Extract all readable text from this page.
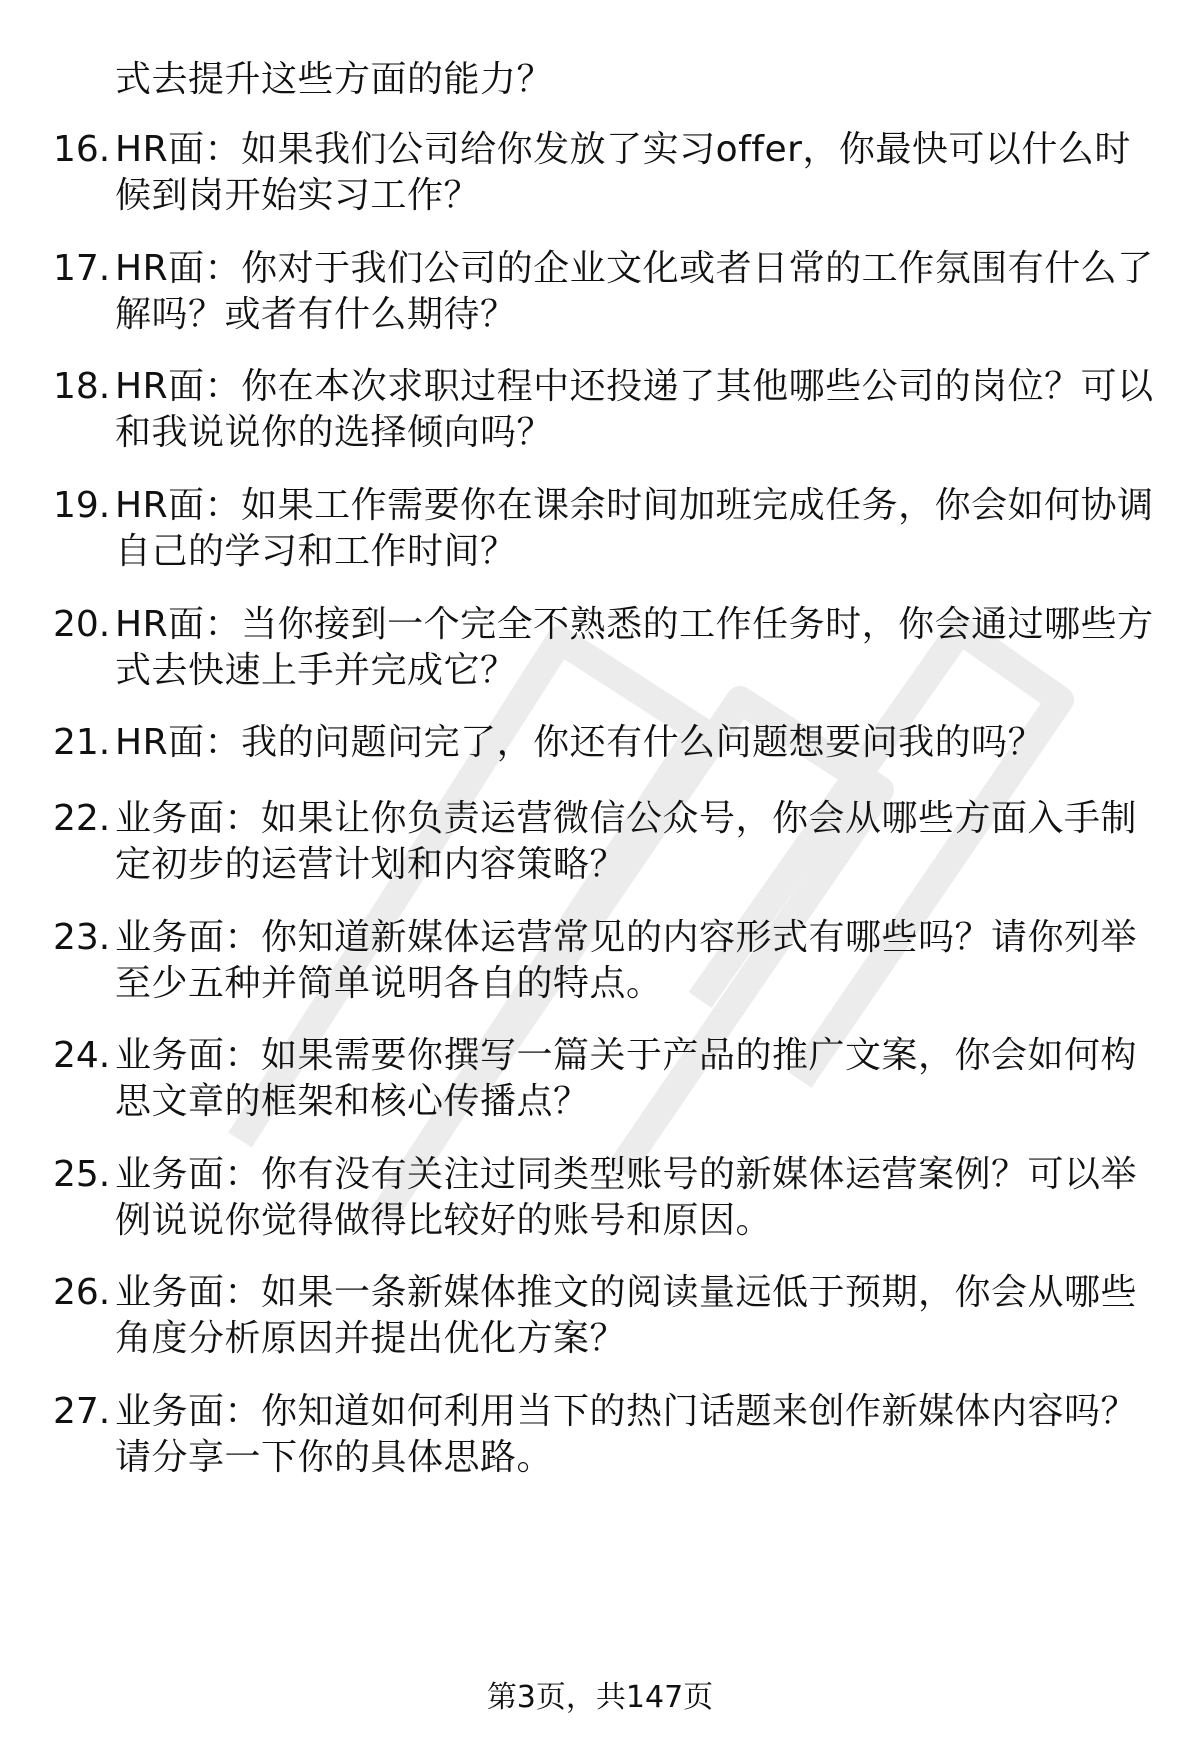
式去提升这些方面的能力？
16. HR面：如果我们公司给你发放了实习offer，你最快可以什么时
候到岗开始实习工作？
17. HR面：你对于我们公司的企业文化或者日常的工作氛围有什么了
解吗？或者有什么期待？
18. HR面：你在本次求职过程中还投递了其他哪些公司的岗位？可以
和我说说你的选择倾向吗？
19. HR面：如果工作需要你在课余时间加班完成任务，你会如何协调
自己的学习和工作时间？
20. HR面：当你接到一个完全不熟悉的工作任务时，你会通过哪些方
式去快速上手并完成它？
21. HR面：我的问题问完了，你还有什么问题想要问我的吗？
22. 业务面：如果让你负责运营微信公众号，你会从哪些方面入手制
定初步的运营计划和内容策略？
23. 业务面：你知道新媒体运营常见的内容形式有哪些吗？请你列举
至少五种并简单说明各自的特点。
24. 业务面：如果需要你撰写一篇关于产品的推广文案，你会如何构
思文章的框架和核心传播点？
25. 业务面：你有没有关注过同类型账号的新媒体运营案例？可以举
例说说你觉得做得比较好的账号和原因。
26. 业务面：如果一条新媒体推文的阅读量远低于预期，你会从哪些
角度分析原因并提出优化方案？
27. 业务面：你知道如何利用当下的热门话题来创作新媒体内容吗？
请分享一下你的具体思路。
第3页，共147页
